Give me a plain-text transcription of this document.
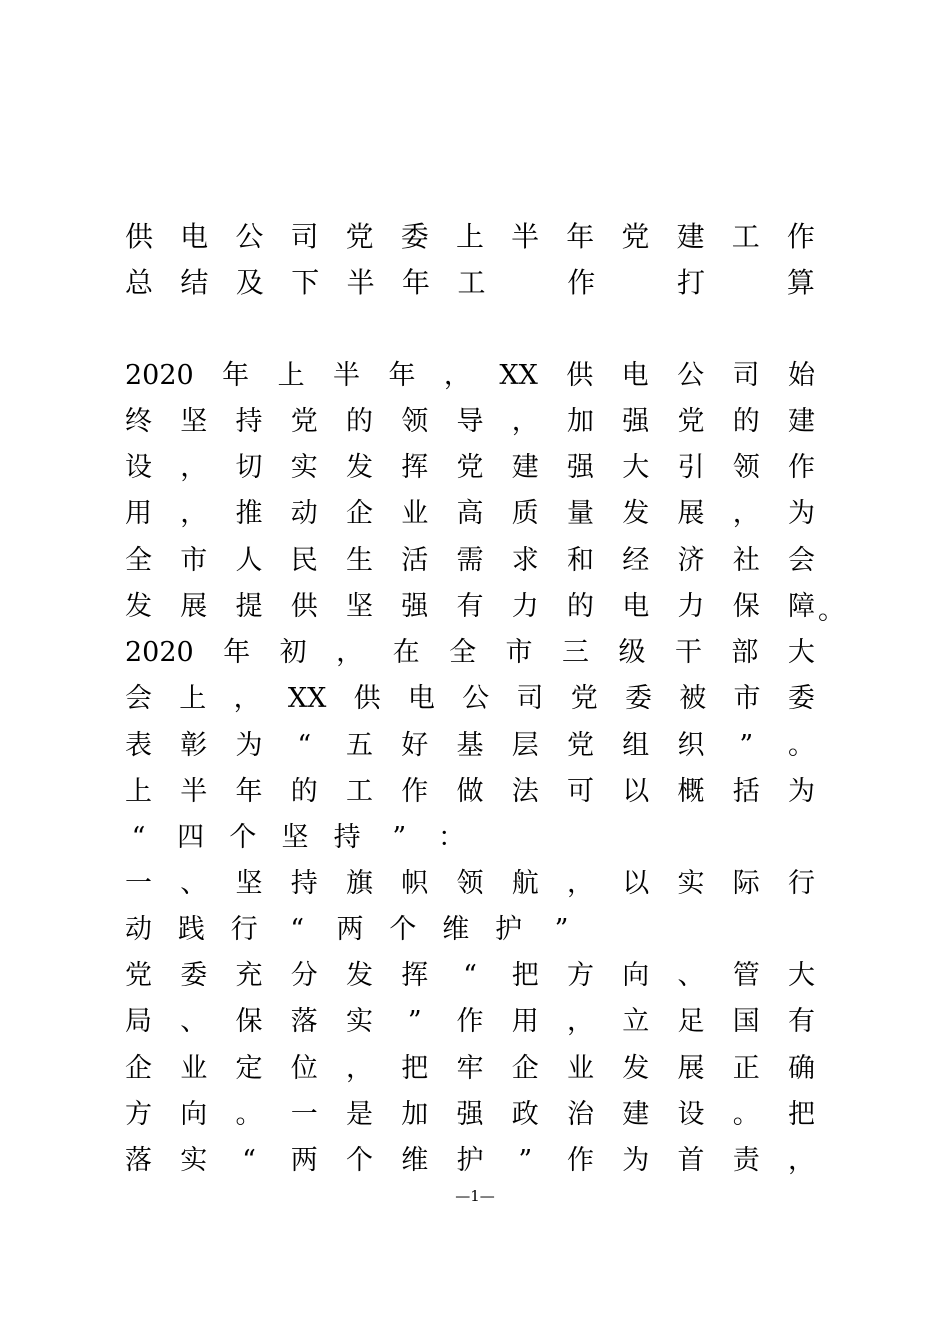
供 电 公 司 党 委 上 半 年 党 建 工 作

总 结 及 下 半 年 工	作	打	算

2020 年 上 半 年 ， XX 供 电 公 司 始

终 坚 持 党 的 领 导 ， 加 强 党 的 建

设 ， 切 实 发 挥 党 建 强 大 引 领 作

用 ， 推 动 企 业 高 质 量 发 展 ， 为

全 市 人 民 生 活 需 求 和 经 济 社 会

发 展 提 供 坚 强 有 力 的 电 力 保 障 。

2020 年 初 ， 在 全 市 三 级 干 部 大

会 上 ， XX 供 电 公 司 党 委 被 市 委

表 彰 为 “ 五 好 基 层 党 组 织 ” 。

上 半 年 的 工 作 做 法 可 以 概 括 为

“ 四 个 坚 持 ” ：

一 、 坚 持 旗 帜 领 航 ， 以 实 际 行

动 践 行 “ 两 个 维 护 ”

党 委 充 分 发 挥 “ 把 方 向 、 管 大

局 、 保 落 实 ” 作 用 ， 立 足 国 有

企 业 定 位 ， 把 牢 企 业 发 展 正 确

方 向 。 一 是 加 强 政 治 建 设 。 把

落 实 “ 两 个 维 护 ” 作 为 首 责 ，

—1—
